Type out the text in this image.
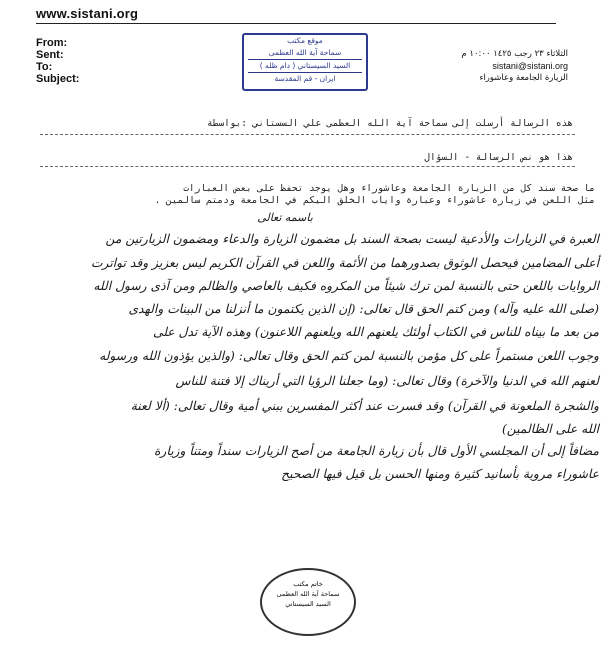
www.sistani.org
From:
Sent:
To:
Subject:
موقع مكتب
سماحة آية الله العظمى
السيد السيستاني ( دام ظله )
ايران - قم المقدسة
الثلاثاء ٢٣ رجب ١٤٢٥ ١٠:٠٠ م
sistani@sistani.org
الزيارة الجامعة وعاشوراء
هذه الرسالة أرسلت إلى سماحة آية الله العظمى علي السستاني :بواسطة
هذا هو نص الرسالة - السؤال
ما صحة سند كل من الزيارة الجامعة وعاشوراء وهل يوجد تحفظ على بعض العبارات
مثل اللعن في زيارة عاشوراء وعبارة واياب الخلق اليكم في الجامعة ودمتم سالمين .
باسمه تعالى
العبرة في الزيارات والأدعية ليست بصحة السند بل مضمون الزيارة والدعاء ومضمون الزيارتين من
أعلى المضامين فيحصل الوثوق بصدورهما من الأئمة واللعن في القرآن الكريم ليس بعزيز وقد تواترت
الروايات باللعن حتى بالنسبة لمن ترك شيئاً من المكروه فكيف بالعاصي والظالم ومن آذى رسول الله
(صلى الله عليه وآله) ومن كتم الحق قال تعالى: (إن الذين يكتمون ما أنزلنا من البينات والهدى
من بعد ما بيناه للناس في الكتاب أولئك يلعنهم الله ويلعنهم اللاعنون) وهذه الآية تدل على
وجوب اللعن مستمراً على كل مؤمن بالنسبة لمن كتم الحق وقال تعالى: (والذين يؤذون الله ورسوله
لعنهم الله في الدنيا والآخرة) وقال تعالى: (وما جعلنا الرؤيا التي أريناك إلا فتنة للناس
والشجرة الملعونة في القرآن) وقد فسرت عند أكثر المفسرين ببني أمية وقال تعالى: (ألا لعنة
الله على الظالمين)
مضافاً إلى أن المجلسي الأول قال بأن زيارة الجامعة من أصح الزيارات سنداً ومتناً وزيارة
عاشوراء مروية بأسانيد كثيرة ومنها الحسن بل قيل فيها الصحيح
خاتم مكتب
سماحة آية الله العظمى
السيد السيستاني
